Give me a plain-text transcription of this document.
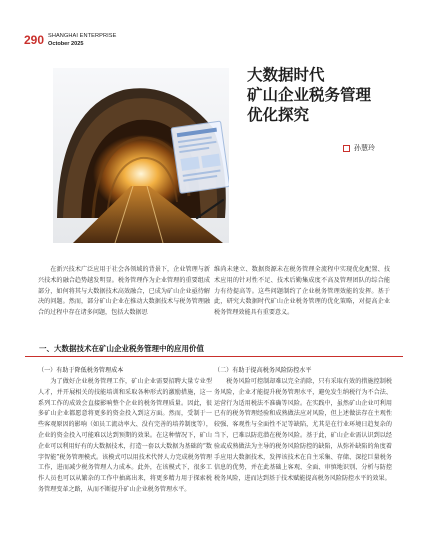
290 SHANGHAI ENTERPRISE
October 2025
大数据时代
矿山企业税务管理
优化探究
孙慧玲
在新兴技术广泛应用于社会各领域的背景下，企业管理与新兴技术的融合趋势越发明显。税务管理作为企业管理的重要组成部分，如何将其与大数据技术高效融合，已成为矿山企业亟待解决的问题。然而，部分矿山企业在推动大数据技术与税务管理融合的过程中存在诸多问题，包括大数据思
维尚未建立、数据资源未在税务管理全流程中实现优化配置、技术应用的针对性不足、技术后勤集成度不高及管理团队的综合能力有待提高等。这些问题制约了企业税务管理效能的发挥。基于此，研究大数据时代矿山企业税务管理的优化策略，对提高企业税务管理效能具有重要意义。
一、大数据技术在矿山企业税务管理中的应用价值
（一）有助于降低税务管理成本	（二）有助于提高税务风险防控水平
为了做好企业税务管理工作，矿山企业需要招聘大量专业型人才，并开展相关的技能培训和采取各种形式的激励措施，这一系列工作的成效会直接影响整个企业的税务管理质量。因此，很多矿山企业都愿意将更多的资金投入到这方面。然而，受制于一些客观原因的影响（如员工流动率大、没有完善的培养制度等），企业的资金投入可能难以达到预期的效果。在这种情况下，矿山企业可以利用好有的大数据技术，打造一套以大数据为基础的“数字智能”税务管理模式。该模式可以用技术代替人力完成税务管理工作，进而减少税务管理人力成本。此外，在该模式下，很多工作人员也可以从繁杂的工作中抽离出来，将更多精力用于探索税务管理变革之路，从而不断提升矿山企业税务管理水平。
税务风险可控制却难以完全消除，只有采取有效的措施控制税务风险，企业才能提升税务管理水平，避免发生纳税行为不合法、运营行为适用税法不准确等风险。在实践中，虽然矿山企业可利用已有的税务管理经验和成熟做法应对风险，但上述做法存在主观性较强、客观性与全面性不足等缺陷，尤其是在行业环境日趋复杂的当下，已难以防范潜在税务风险。基于此，矿山企业需认识到以经验或成熟做法为主导的税务风险防控的缺陷，从弥补缺陷的角度着手应用大数据技术，发挥该技术在自主采集、存储、深挖巨量税务信息的优势，并在此基础上客观、全面、审慎地识别、分析与防控税务风险，进而达到基于技术赋能提高税务风险防控水平的效果。
